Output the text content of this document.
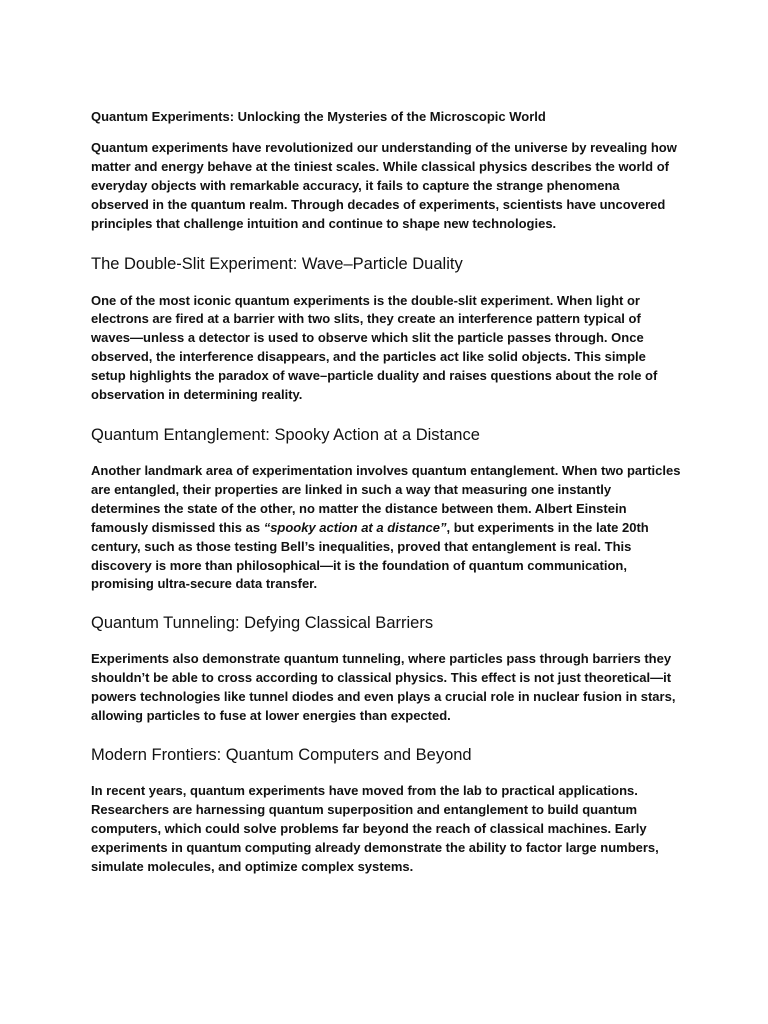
Quantum Experiments: Unlocking the Mysteries of the Microscopic World

Quantum experiments have revolutionized our understanding of the universe by revealing how matter and energy behave at the tiniest scales. While classical physics describes the world of everyday objects with remarkable accuracy, it fails to capture the strange phenomena observed in the quantum realm. Through decades of experiments, scientists have uncovered principles that challenge intuition and continue to shape new technologies.

The Double-Slit Experiment: Wave–Particle Duality

One of the most iconic quantum experiments is the double-slit experiment. When light or electrons are fired at a barrier with two slits, they create an interference pattern typical of waves—unless a detector is used to observe which slit the particle passes through. Once observed, the interference disappears, and the particles act like solid objects. This simple setup highlights the paradox of wave–particle duality and raises questions about the role of observation in determining reality.

Quantum Entanglement: Spooky Action at a Distance

Another landmark area of experimentation involves quantum entanglement. When two particles are entangled, their properties are linked in such a way that measuring one instantly determines the state of the other, no matter the distance between them. Albert Einstein famously dismissed this as “spooky action at a distance”, but experiments in the late 20th century, such as those testing Bell’s inequalities, proved that entanglement is real. This discovery is more than philosophical—it is the foundation of quantum communication, promising ultra-secure data transfer.

Quantum Tunneling: Defying Classical Barriers

Experiments also demonstrate quantum tunneling, where particles pass through barriers they shouldn’t be able to cross according to classical physics. This effect is not just theoretical—it powers technologies like tunnel diodes and even plays a crucial role in nuclear fusion in stars, allowing particles to fuse at lower energies than expected.

Modern Frontiers: Quantum Computers and Beyond

In recent years, quantum experiments have moved from the lab to practical applications. Researchers are harnessing quantum superposition and entanglement to build quantum computers, which could solve problems far beyond the reach of classical machines. Early experiments in quantum computing already demonstrate the ability to factor large numbers, simulate molecules, and optimize complex systems.
